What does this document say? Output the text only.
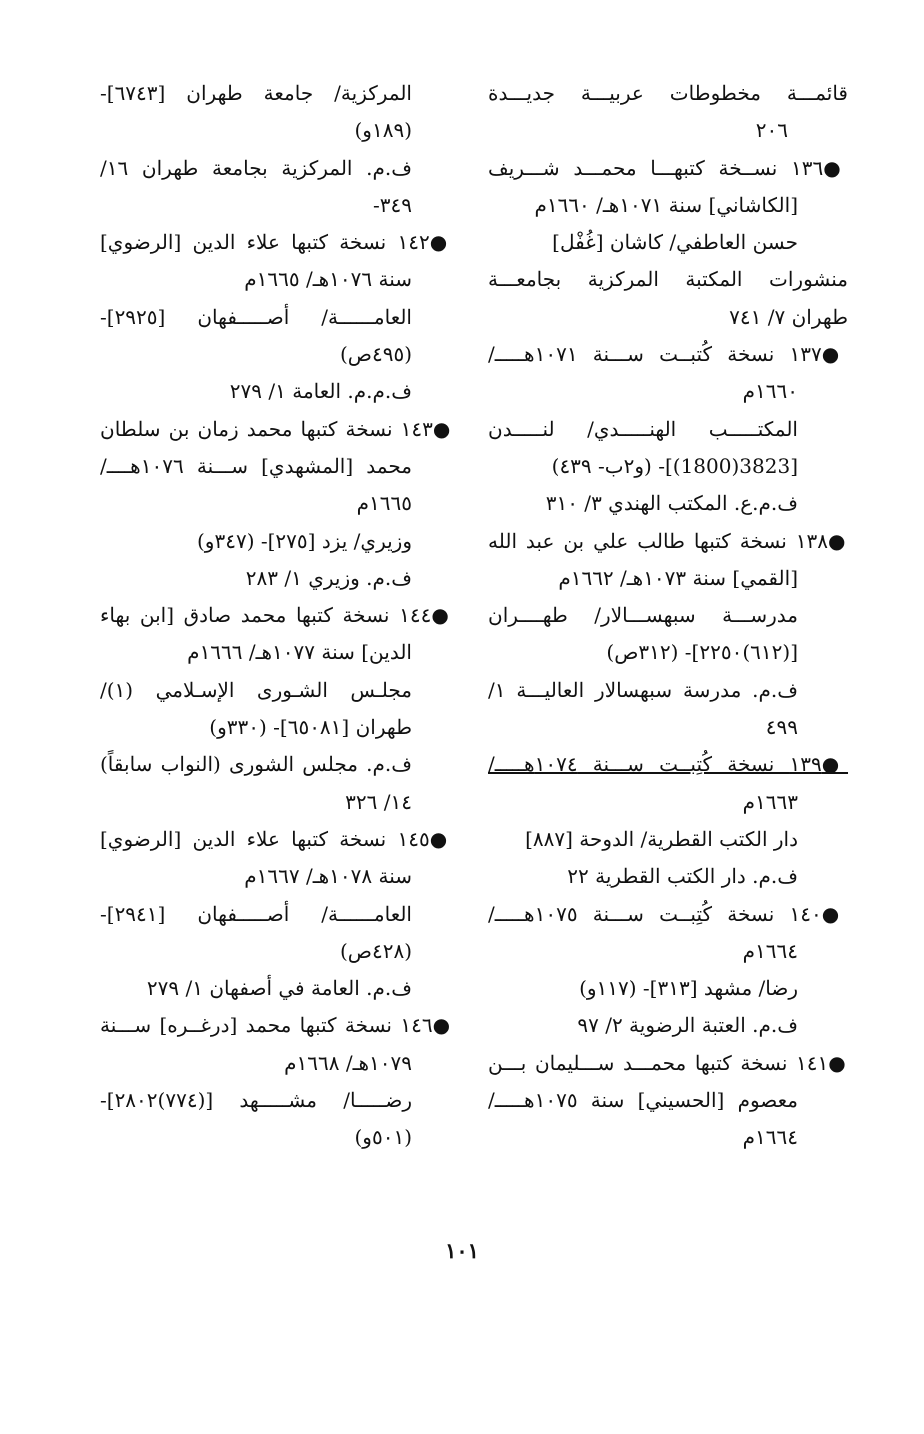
قائمـــة مخطوطات عربيـــة جديـــدة
٢٠٦
●١٣٦ نســخة كتبهـــا محمـــد شـــريف
[الكاشاني] سنة ١٠٧١هـ/ ١٦٦٠م
حسن العاطفي/ كاشان [غُفْل]
منشورات المكتبة المركزية بجامعـــة
طهران ٧/ ٧٤١
●١٣٧ نسخة كُتبــت ســـنة ١٠٧١هـــــ/
١٦٦٠م
المكتـــــب الهنـــــدي/ لنـــــدن
[3823(1800)]- (و٢ب- ٤٣٩)
ف.م.ع. المكتب الهندي ٣/ ٣١٠
●١٣٨ نسخة كتبها طالب علي بن عبد الله
[القمي] سنة ١٠٧٣هـ/ ١٦٦٢م
مدرســـة سبهســـالار/ طهــــران
[(٦١٢)٢٢٥٠]- (٣١٢ص)
ف.م. مدرسة سبهسالار العاليـــة ١/
٤٩٩
●١٣٩ نسخة كُتِبــت ســـنة ١٠٧٤هـــــ/
١٦٦٣م
دار الكتب القطرية/ الدوحة [٨٨٧]
ف.م. دار الكتب القطرية ٢٢
●١٤٠ نسخة كُتِبــت ســـنة ١٠٧٥هـــــ/
١٦٦٤م
رضا/ مشهد [٣١٣]- (١١٧و)
ف.م. العتبة الرضوية ٢/ ٩٧
●١٤١ نسخة كتبها محمـــد ســـليمان بـــن
معصوم [الحسيني] سنة ١٠٧٥هـــــ/
١٦٦٤م
المركزية/ جامعة طهران [٦٧٤٣]-
(١٨٩و)
ف.م. المركزية بجامعة طهران ١٦/
٣٤٩-
●١٤٢ نسخة كتبها علاء الدين [الرضوي]
سنة ١٠٧٦هـ/ ١٦٦٥م
العامــــــة/ أصـــــفهان [٢٩٢٥]-
(٤٩٥ص)
ف.م.م. العامة ١/ ٢٧٩
●١٤٣ نسخة كتبها محمد زمان بن سلطان
محمد [المشهدي] ســـنة ١٠٧٦هــــ/
١٦٦٥م
وزيري/ يزد [٢٧٥]- (٣٤٧و)
ف.م. وزيري ١/ ٢٨٣
●١٤٤ نسخة كتبها محمد صادق [ابن بهاء
الدين] سنة ١٠٧٧هـ/ ١٦٦٦م
مجلـس الشـورى الإسـلامي (١)/
طهران [٦٥٠٨١]- (٣٣٠و)
ف.م. مجلس الشورى (النواب سابقاً)
١٤/ ٣٢٦
●١٤٥ نسخة كتبها علاء الدين [الرضوي]
سنة ١٠٧٨هـ/ ١٦٦٧م
العامــــــة/ أصـــــفهان [٢٩٤١]-
(٤٢٨ص)
ف.م. العامة في أصفهان ١/ ٢٧٩
●١٤٦ نسخة كتبها محمد [درغــره] ســـنة
١٠٧٩هـ/ ١٦٦٨م
رضـــــا/ مشـــــهد [(٧٧٤)٢٨٠٢]-
(٥٠١و)
١٠١
